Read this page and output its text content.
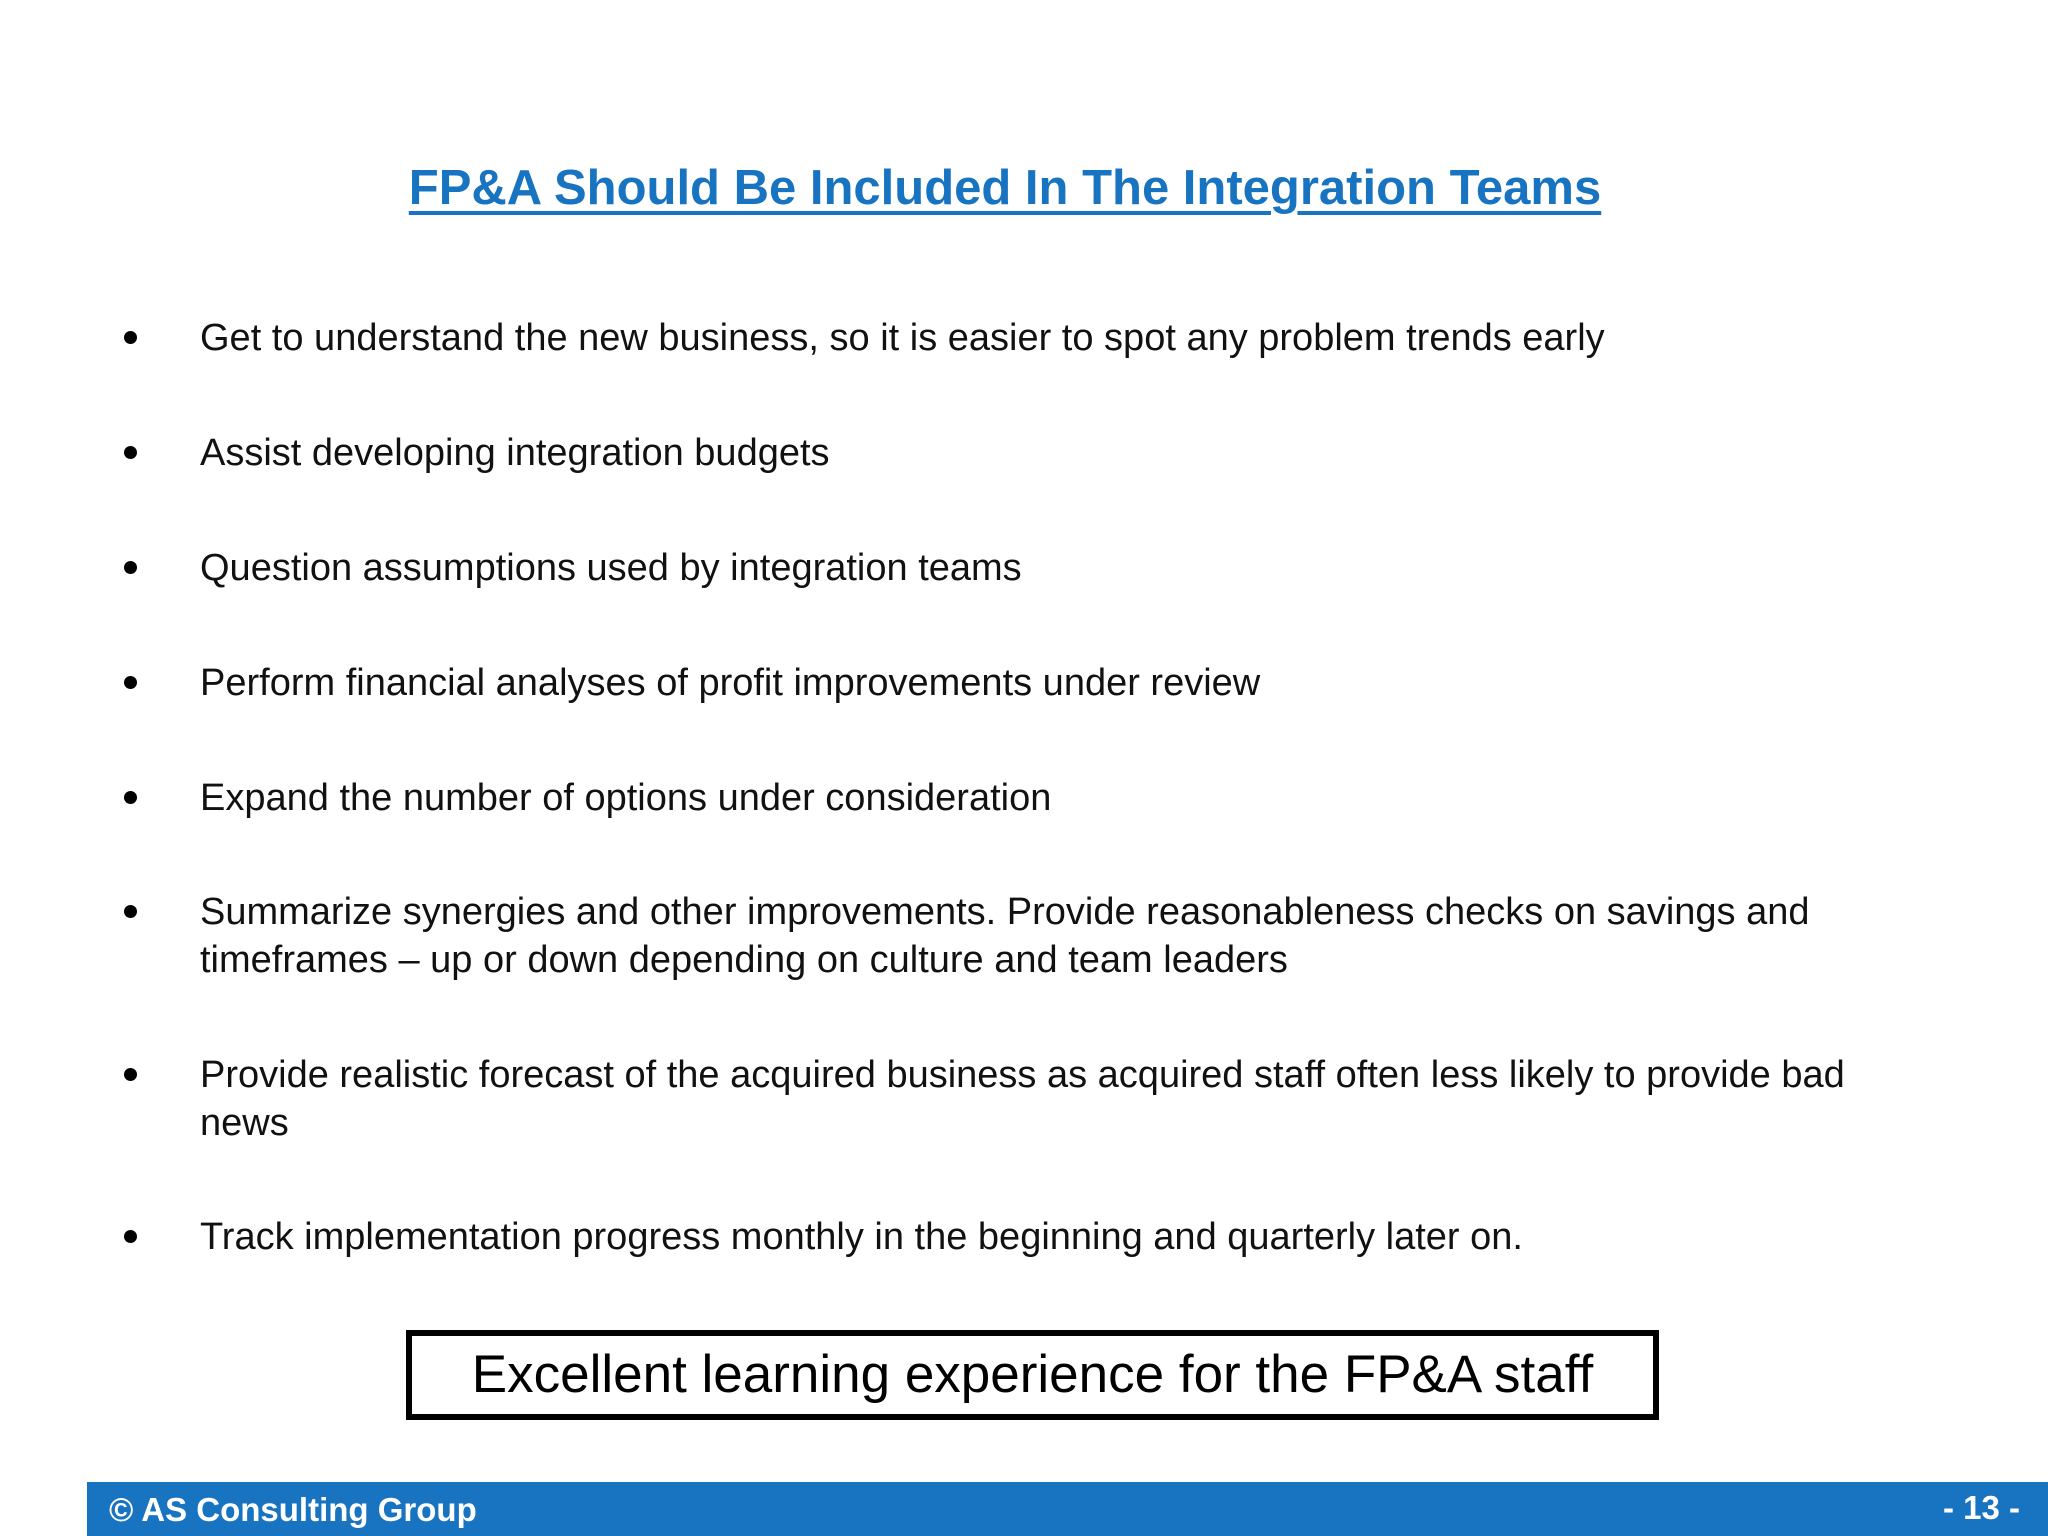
FP&A Should Be Included In The Integration Teams
Get to understand the new business, so it is easier to spot any problem trends early
Assist developing integration budgets
Question assumptions used by integration teams
Perform financial analyses of profit improvements under review
Expand the number of options under consideration
Summarize synergies and other improvements. Provide reasonableness checks on savings and timeframes – up or down depending on culture and team leaders
Provide realistic forecast of the acquired business as acquired staff often less likely to provide bad news
Track implementation progress monthly in the beginning and quarterly later on.
Excellent learning experience for the FP&A staff
© AS Consulting Group	- 13 -
